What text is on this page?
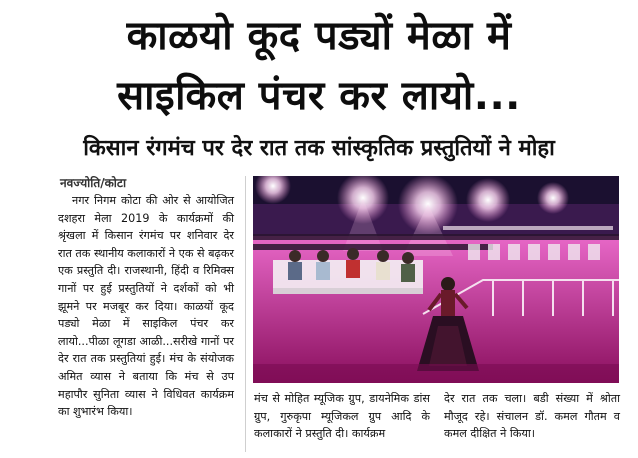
काळयो कूद पड्यों मेळा में
साइकिल पंचर कर लायो...
किसान रंगमंच पर देर रात तक सांस्कृतिक प्रस्तुतियों ने मोहा
नवज्योति/कोटा
नगर निगम कोटा की ओर से आयोजित दशहरा मेला 2019 के कार्यक्रमों की श्रृंखला में किसान रंगमंच पर शनिवार देर रात तक स्थानीय कलाकारों ने एक से बढ़कर एक प्रस्तुति दी। राजस्थानी, हिंदी व रिमिक्स गानों पर हुई प्रस्तुतियों ने दर्शकों को भी झूमने पर मजबूर कर दिया। काळयों कूद पड्यो मेळा में साइकिल पंचर कर लायो...पीळा लूगडा आळी...सरीखे गानों पर देर रात तक प्रस्तुतियां हुई। मंच के संयोजक अमित व्यास ने बताया कि मंच से उप महापौर सुनिता व्यास ने विधिवत कार्यक्रम का शुभारंभ किया।
मंच से मोहित म्यूजिक ग्रुप, डायनेमिक डांस ग्रुप, गुरुकृपा म्यूजिकल ग्रुप आदि के कलाकारों ने प्रस्तुति दी। कार्यक्रम
देर रात तक चला। बडी संख्या में श्रोता मौजूद रहे। संचालन डॉ. कमल गौतम व कमल दीक्षित ने किया।
